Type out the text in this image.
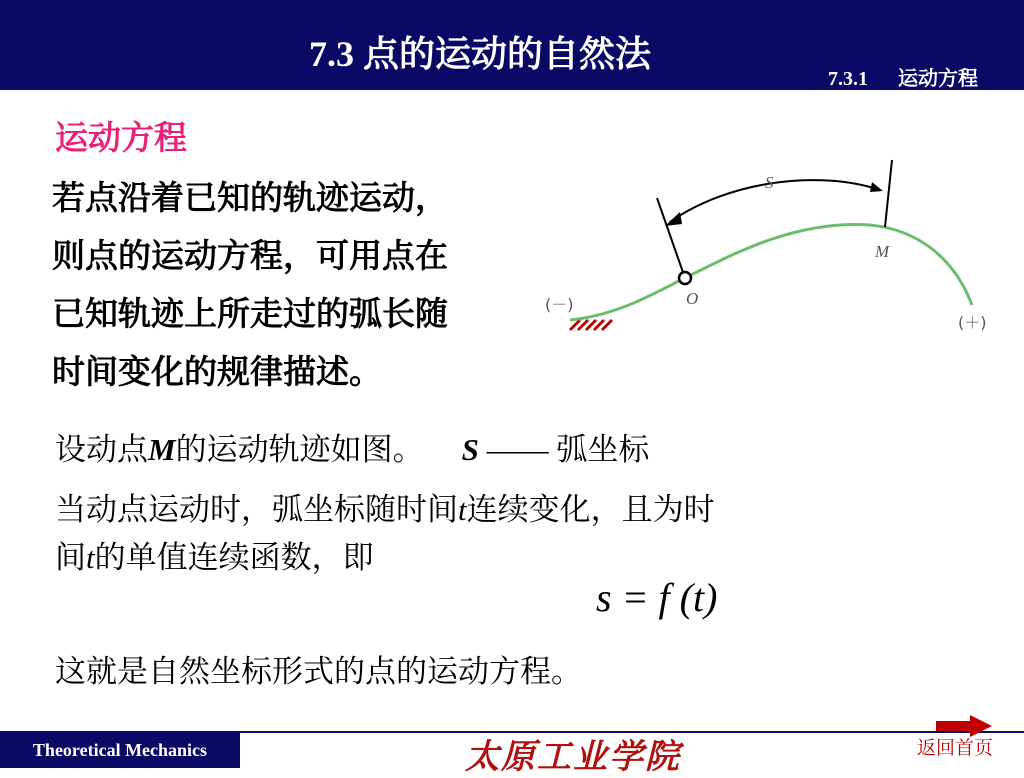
7.3 点的运动的自然法
7.3.1 运动方程
运动方程
若点沿着已知的轨迹运动，
则点的运动方程，可用点在
已知轨迹上所走过的弧长随
时间变化的规律描述。
S
M
O
(－)
(＋)
设动点M的运动轨迹如图。 S —— 弧坐标
当动点运动时，弧坐标随时间t连续变化，且为时
间t的单值连续函数，即
s = f (t)
这就是自然坐标形式的点的运动方程。
Theoretical Mechanics	太原工业学院	返回首页
